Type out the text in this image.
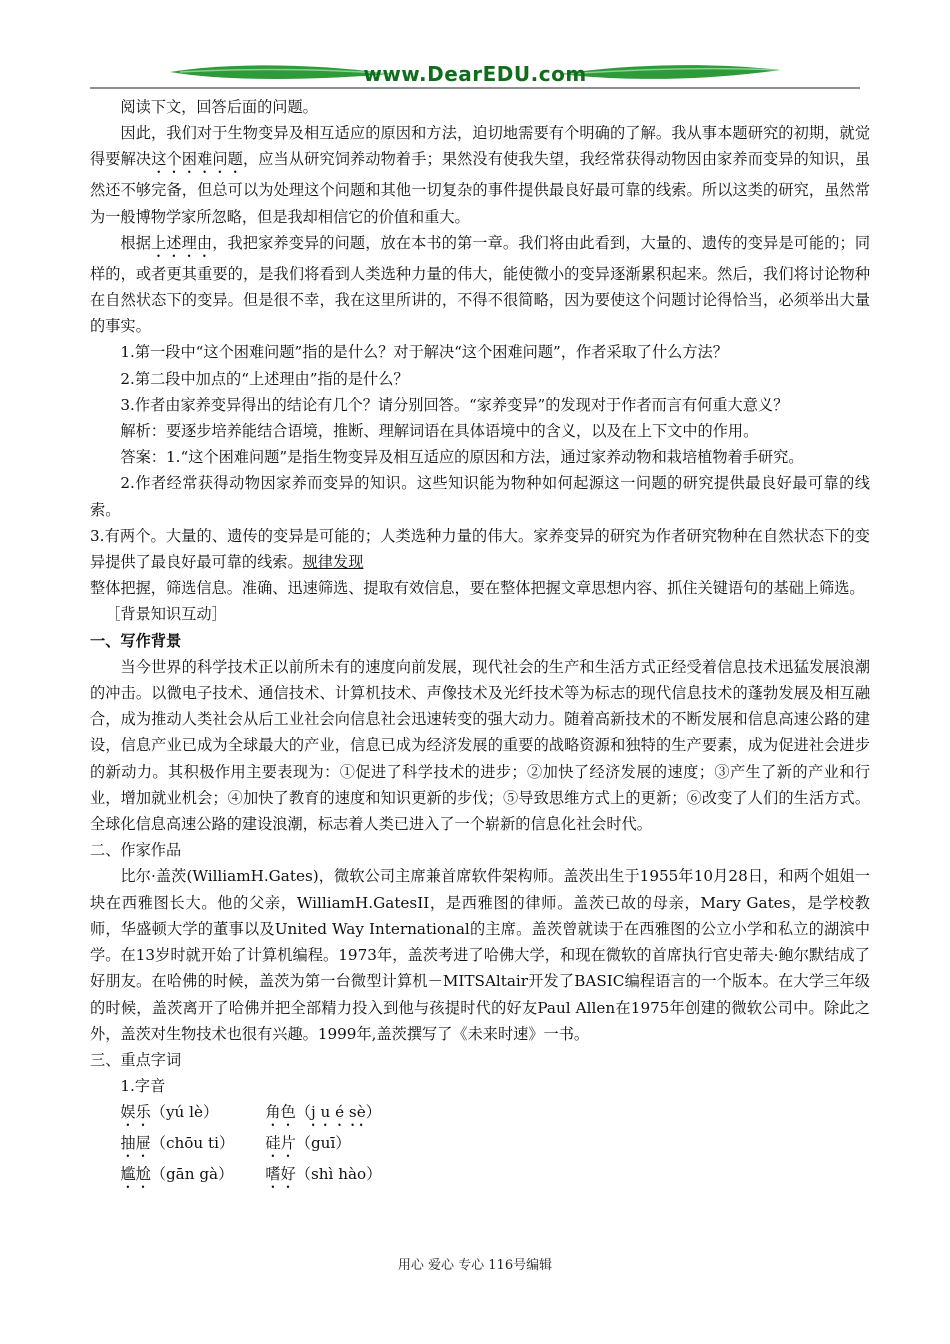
www.DearEDU.com

阅读下文，回答后面的问题。

因此，我们对于生物变异及相互适应的原因和方法，迫切地需要有个明确的了解。我从事本题研究的初期，就觉得要解决这个困难问题，应当从研究饲养动物着手；果然没有使我失望，我经常获得动物因由家养而变异的知识，虽然还不够完备，但总可以为处理这个问题和其他一切复杂的事件提供最良好最可靠的线索。所以这类的研究，虽然常为一般博物学家所忽略，但是我却相信它的价值和重大。

根据上述理由，我把家养变异的问题，放在本书的第一章。我们将由此看到，大量的、遗传的变异是可能的；同样的，或者更其重要的，是我们将看到人类选种力量的伟大，能使微小的变异逐渐累积起来。然后，我们将讨论物种在自然状态下的变异。但是很不幸，我在这里所讲的，不得不很简略，因为要使这个问题讨论得恰当，必须举出大量的事实。

1.第一段中“这个困难问题”指的是什么？对于解决“这个困难问题”，作者采取了什么方法？

2.第二段中加点的“上述理由”指的是什么？

3.作者由家养变异得出的结论有几个？请分别回答。“家养变异”的发现对于作者而言有何重大意义？

解析：要逐步培养能结合语境，推断、理解词语在具体语境中的含义，以及在上下文中的作用。

答案：1.“这个困难问题”是指生物变异及相互适应的原因和方法，通过家养动物和栽培植物着手研究。

2.作者经常获得动物因家养而变异的知识。这些知识能为物种如何起源这一问题的研究提供最良好最可靠的线索。

3.有两个。大量的、遗传的变异是可能的；人类选种力量的伟大。家养变异的研究为作者研究物种在自然状态下的变异提供了最良好最可靠的线索。规律发现

整体把握，筛选信息。准确、迅速筛选、提取有效信息，要在整体把握文章思想内容、抓住关键语句的基础上筛选。

［背景知识互动］

一、写作背景

当今世界的科学技术正以前所未有的速度向前发展，现代社会的生产和生活方式正经受着信息技术迅猛发展浪潮的冲击。以微电子技术、通信技术、计算机技术、声像技术及光纤技术等为标志的现代信息技术的蓬勃发展及相互融合，成为推动人类社会从后工业社会向信息社会迅速转变的强大动力。随着高新技术的不断发展和信息高速公路的建设，信息产业已成为全球最大的产业，信息已成为经济发展的重要的战略资源和独特的生产要素，成为促进社会进步的新动力。其积极作用主要表现为：①促进了科学技术的进步；②加快了经济发展的速度；③产生了新的产业和行业，增加就业机会；④加快了教育的速度和知识更新的步伐；⑤导致思维方式上的更新；⑥改变了人们的生活方式。全球化信息高速公路的建设浪潮，标志着人类已进入了一个崭新的信息化社会时代。

二、作家作品

比尔·盖茨(WilliamH.Gates)，微软公司主席兼首席软件架构师。盖茨出生于1955年10月28日，和两个姐姐一块在西雅图长大。他的父亲，WilliamH.GatesII，是西雅图的律师。盖茨已故的母亲，Mary Gates，是学校教师，华盛顿大学的董事以及United Way International的主席。盖茨曾就读于在西雅图的公立小学和私立的湖滨中学。在13岁时就开始了计算机编程。1973年，盖茨考进了哈佛大学，和现在微软的首席执行官史蒂夫·鲍尔默结成了好朋友。在哈佛的时候，盖茨为第一台微型计算机－MITSAltair开发了BASIC编程语言的一个版本。在大学三年级的时候，盖茨离开了哈佛并把全部精力投入到他与孩提时代的好友Paul Allen在1975年创建的微软公司中。除此之外，盖茨对生物技术也很有兴趣。1999年,盖茨撰写了《未来时速》一书。

三、重点字词

1.字音

娱乐（yú lè）	角色（j u é sè）
抽屉（chōu ti）	硅片（guī）
尴尬（gān gà）	嗜好（shì hào）
用心 爱心 专心 116号编辑
